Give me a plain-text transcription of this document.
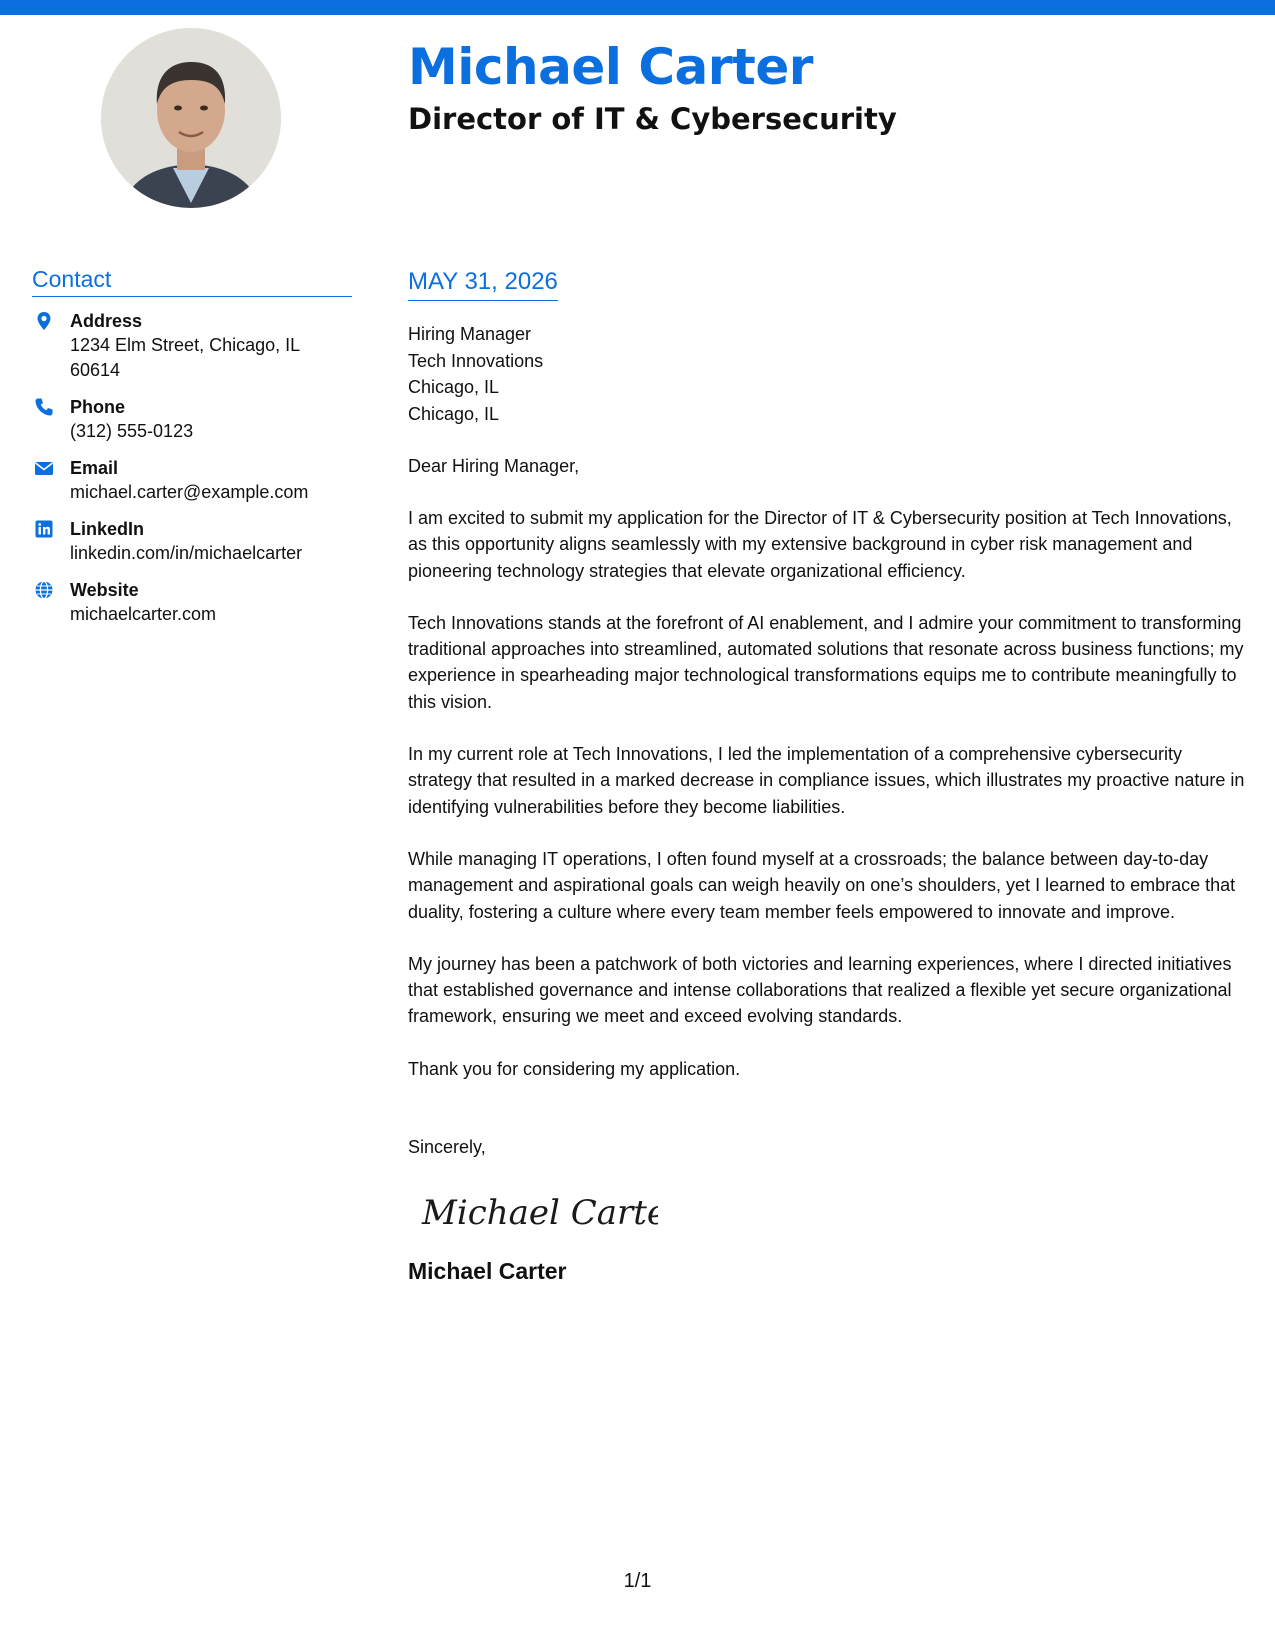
Michael Carter
Director of IT & Cybersecurity
Contact
Address
1234 Elm Street, Chicago, IL 60614
Phone
(312) 555-0123
Email
michael.carter@example.com
LinkedIn
linkedin.com/in/michaelcarter
Website
michaelcarter.com
MAY 31, 2026
Hiring Manager
Tech Innovations
Chicago, IL
Chicago, IL
Dear Hiring Manager,
I am excited to submit my application for the Director of IT & Cybersecurity position at Tech Innovations, as this opportunity aligns seamlessly with my extensive background in cyber risk management and pioneering technology strategies that elevate organizational efficiency.
Tech Innovations stands at the forefront of AI enablement, and I admire your commitment to transforming traditional approaches into streamlined, automated solutions that resonate across business functions; my experience in spearheading major technological transformations equips me to contribute meaningfully to this vision.
In my current role at Tech Innovations, I led the implementation of a comprehensive cybersecurity strategy that resulted in a marked decrease in compliance issues, which illustrates my proactive nature in identifying vulnerabilities before they become liabilities.
While managing IT operations, I often found myself at a crossroads; the balance between day-to-day management and aspirational goals can weigh heavily on one’s shoulders, yet I learned to embrace that duality, fostering a culture where every team member feels empowered to innovate and improve.
My journey has been a patchwork of both victories and learning experiences, where I directed initiatives that established governance and intense collaborations that realized a flexible yet secure organizational framework, ensuring we meet and exceed evolving standards.
Thank you for considering my application.
Sincerely,
Michael Carter
Michael Carter
1/1
